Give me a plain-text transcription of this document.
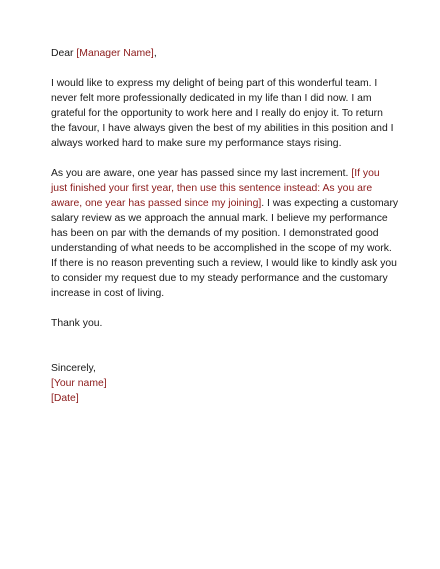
Dear [Manager Name],
I would like to express my delight of being part of this wonderful team. I
never felt more professionally dedicated in my life than I did now. I am
grateful for the opportunity to work here and I really do enjoy it. To return
the favour, I have always given the best of my abilities in this position and I
always worked hard to make sure my performance stays rising.
As you are aware, one year has passed since my last increment. [If you
just finished your first year, then use this sentence instead: As you are
aware, one year has passed since my joining]. I was expecting a customary
salary review as we approach the annual mark. I believe my performance
has been on par with the demands of my position. I demonstrated good
understanding of what needs to be accomplished in the scope of my work.
If there is no reason preventing such a review, I would like to kindly ask you
to consider my request due to my steady performance and the customary
increase in cost of living.
Thank you.
Sincerely,
[Your name]
[Date]
